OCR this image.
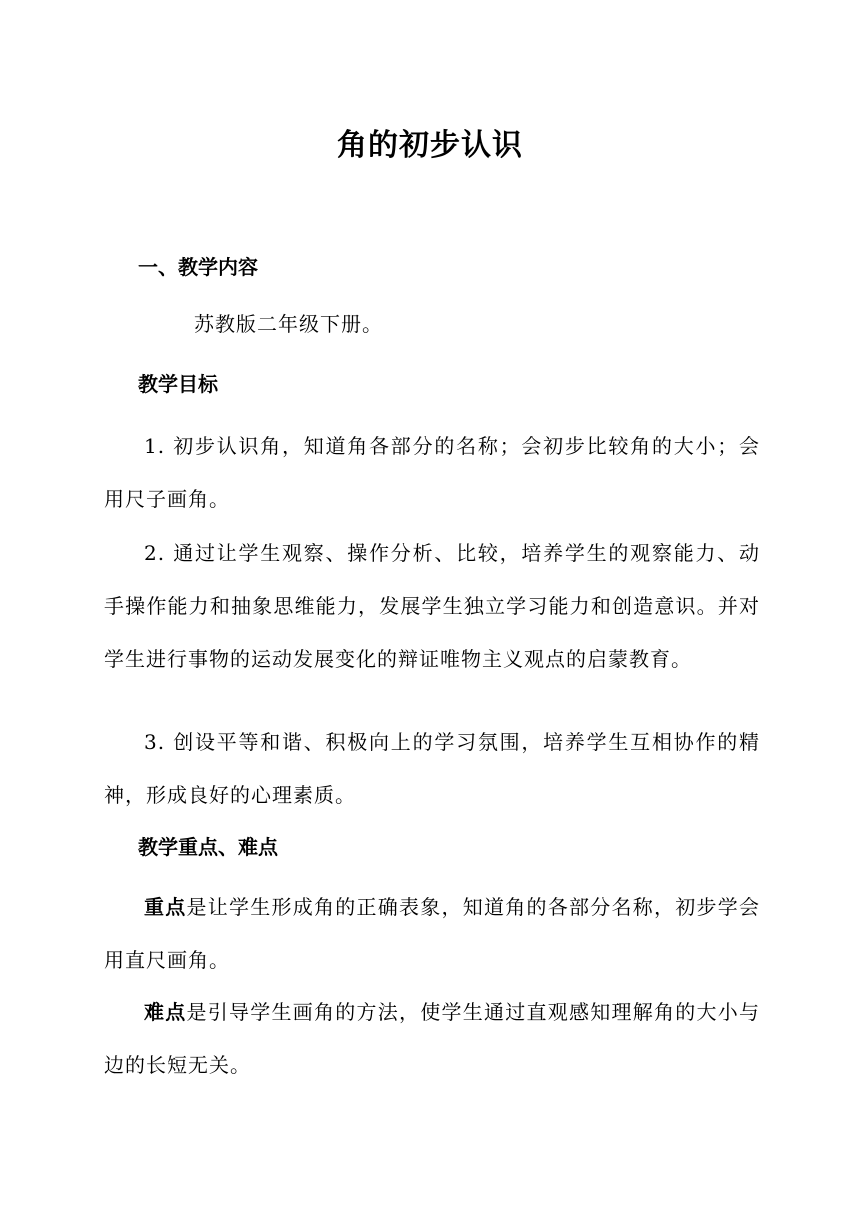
角的初步认识
一、教学内容

苏教版二年级下册。

教学目标

1. 初步认识角，知道角各部分的名称；会初步比较角的大小；会用尺子画角。

2. 通过让学生观察、操作分析、比较，培养学生的观察能力、动手操作能力和抽象思维能力，发展学生独立学习能力和创造意识。并对学生进行事物的运动发展变化的辩证唯物主义观点的启蒙教育。

3. 创设平等和谐、积极向上的学习氛围，培养学生互相协作的精神，形成良好的心理素质。

教学重点、难点

重点是让学生形成角的正确表象，知道角的各部分名称，初步学会用直尺画角。

难点是引导学生画角的方法，使学生通过直观感知理解角的大小与边的长短无关。
